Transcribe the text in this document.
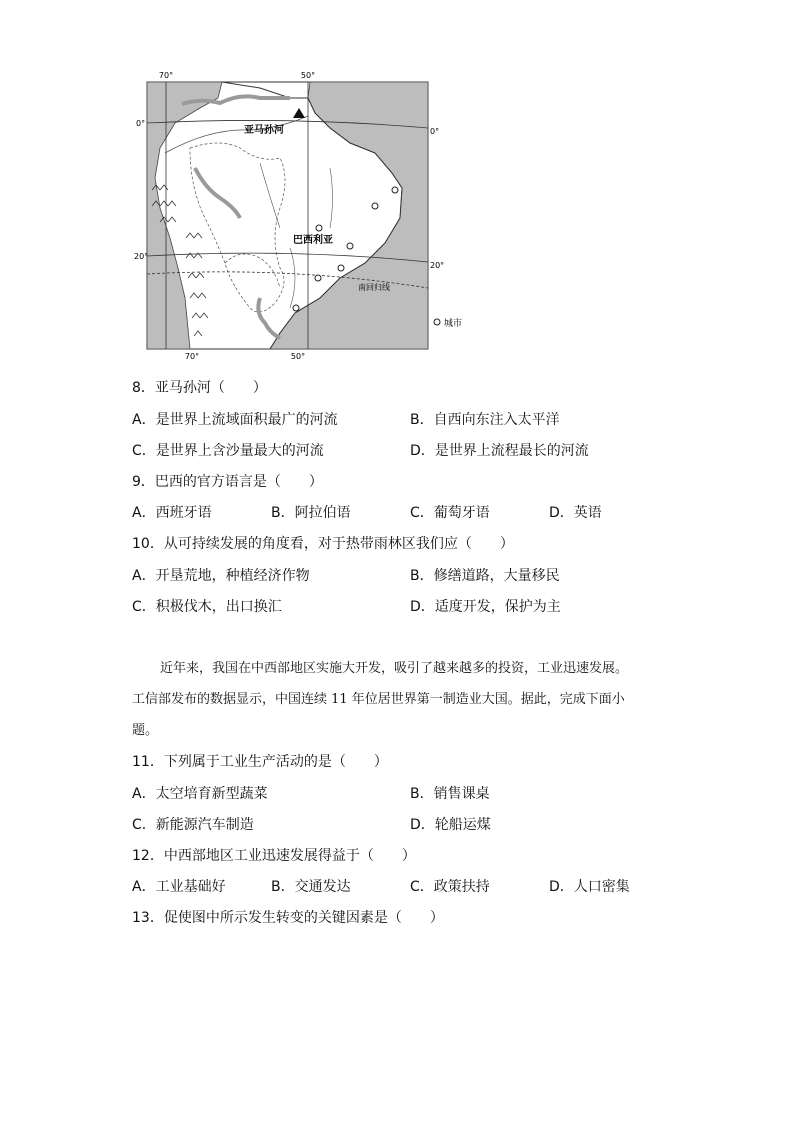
70°	50°
70°	50°
0°
0°
20°
20°
亚马孙河
巴西利亚
南回归线
城市
8．亚马孙河（　　）
A．是世界上流域面积最广的河流	B．自西向东注入太平洋
C．是世界上含沙量最大的河流	D．是世界上流程最长的河流
9．巴西的官方语言是（　　）
A．西班牙语	B．阿拉伯语	C．葡萄牙语	D．英语
10．从可持续发展的角度看，对于热带雨林区我们应（　　）
A．开垦荒地，种植经济作物	B．修缮道路，大量移民
C．积极伐木，出口换汇	D．适度开发，保护为主
近年来，我国在中西部地区实施大开发，吸引了越来越多的投资，工业迅速发展。
工信部发布的数据显示，中国连续 11 年位居世界第一制造业大国。据此，完成下面小
题。
11．下列属于工业生产活动的是（　　）
A．太空培育新型蔬菜	B．销售课桌
C．新能源汽车制造	D．轮船运煤
12．中西部地区工业迅速发展得益于（　　）
A．工业基础好	B．交通发达	C．政策扶持	D．人口密集
13．促使图中所示发生转变的关键因素是（　　）
